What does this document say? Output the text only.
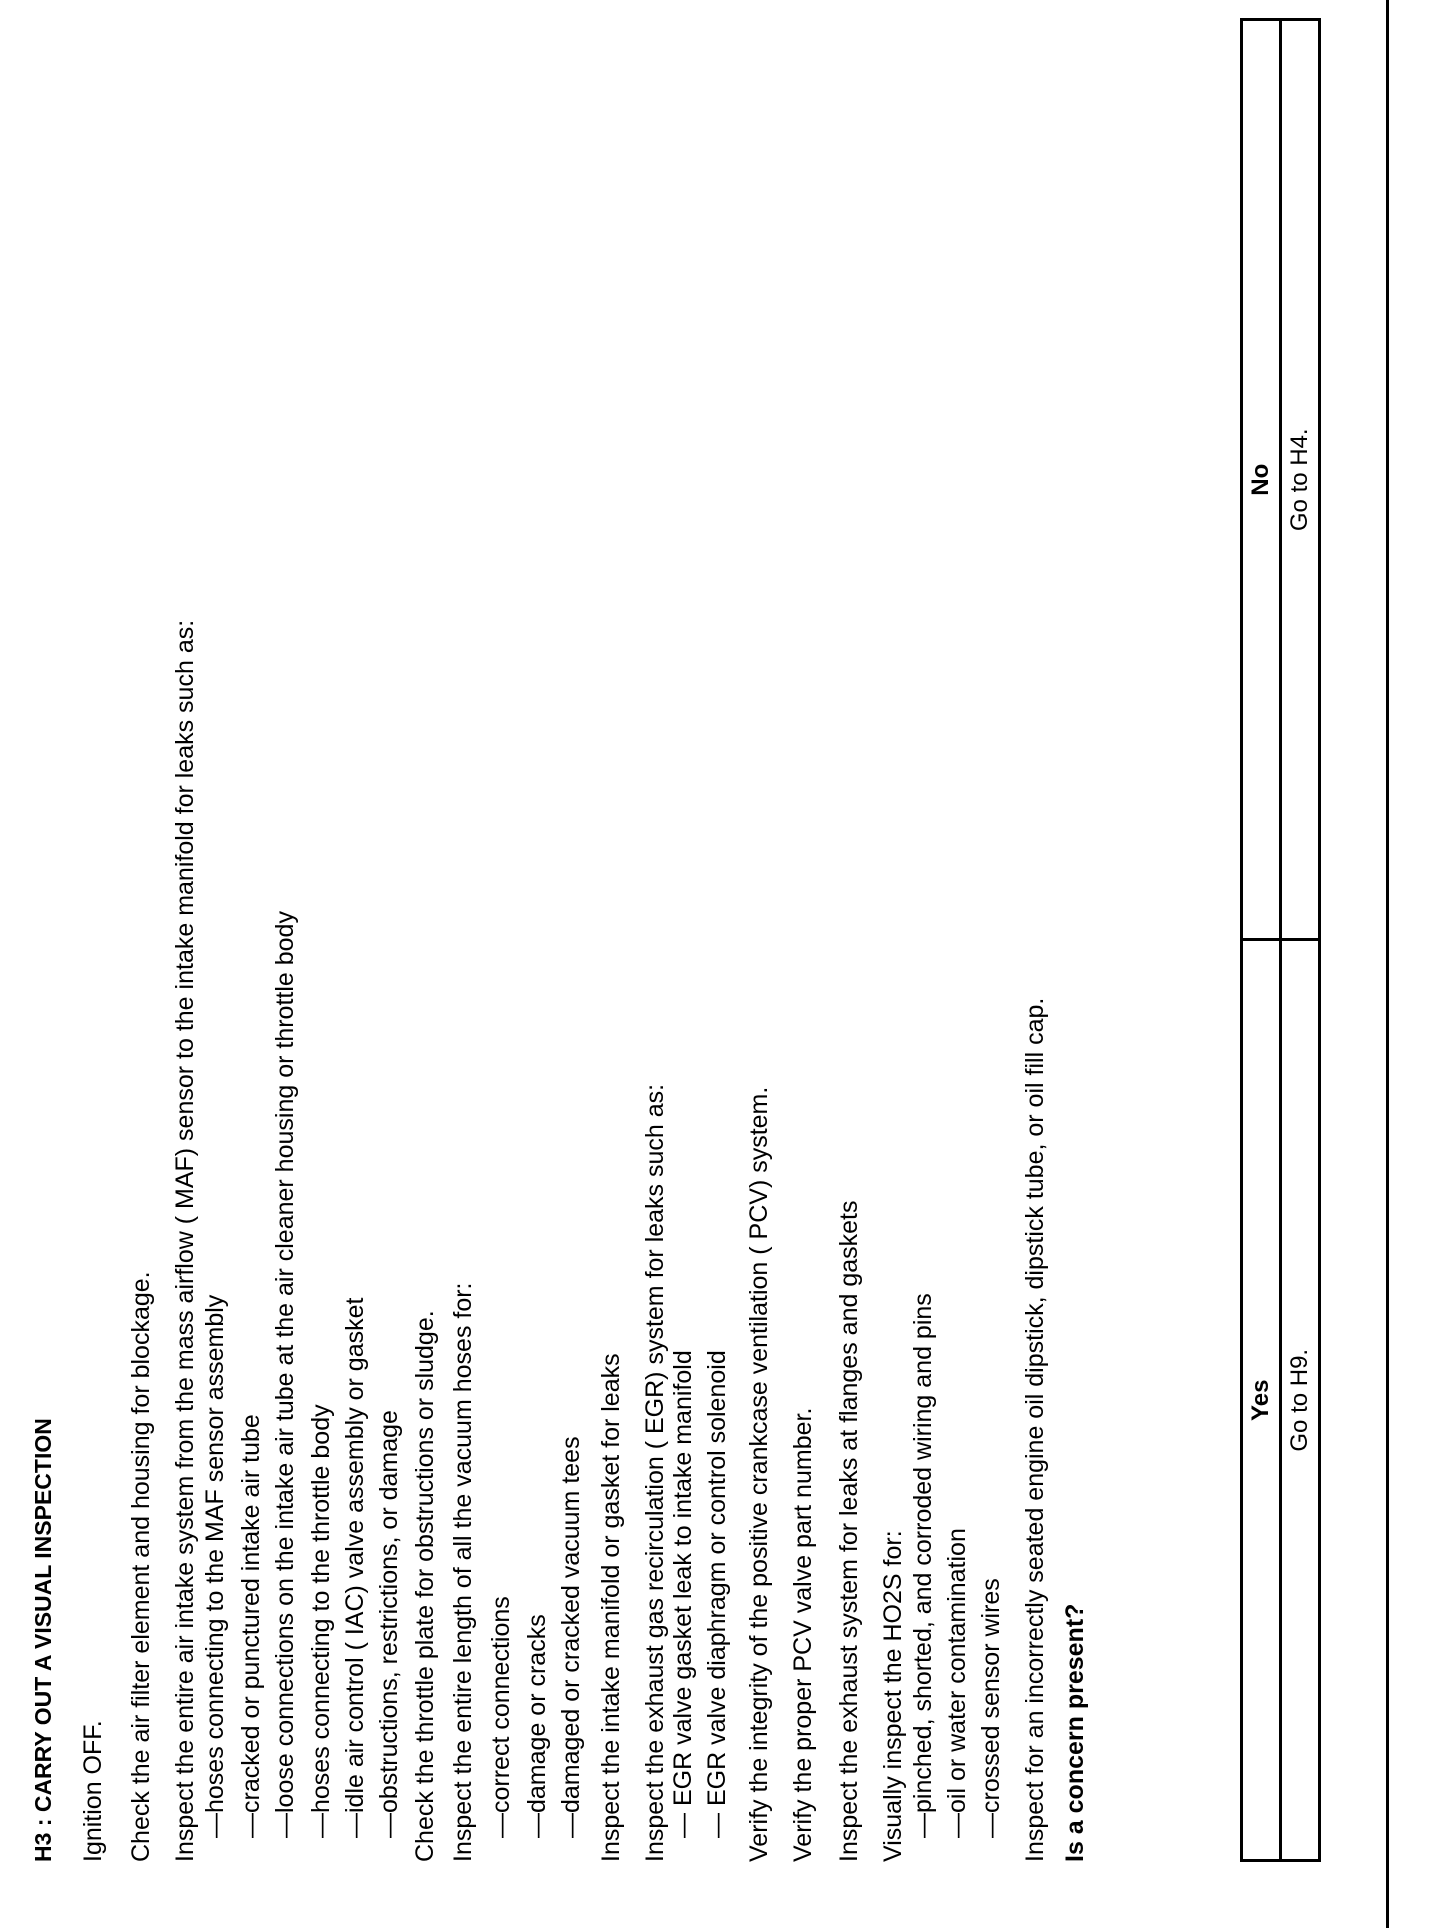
H3 : CARRY OUT A VISUAL INSPECTION Ignition OFF. Check the air filter element and housing for blockage. Inspect the entire air intake system from the mass airflow ( MAF) sensor to the intake manifold for leaks such as: —hoses connecting to the MAF sensor assembly —cracked or punctured intake air tube —loose connections on the intake air tube at the air cleaner housing or throttle body —hoses connecting to the throttle body —idle air control ( IAC) valve assembly or gasket —obstructions, restrictions, or damage Check the throttle plate for obstructions or sludge. Inspect the entire length of all the vacuum hoses for: —correct connections —damage or cracks —damaged or cracked vacuum tees Inspect the intake manifold or gasket for leaks Inspect the exhaust gas recirculation ( EGR) system for leaks such as: — EGR valve gasket leak to intake manifold — EGR valve diaphragm or control solenoid Verify the integrity of the positive crankcase ventilation ( PCV) system. Verify the proper PCV valve part number. Inspect the exhaust system for leaks at flanges and gaskets Visually inspect the HO2S for: —pinched, shorted, and corroded wiring and pins —oil or water contamination —crossed sensor wires Inspect for an incorrectly seated engine oil dipstick, dipstick tube, or oil fill cap. Is a concern present?
Yes	No
Go to H9.	Go to H4.
